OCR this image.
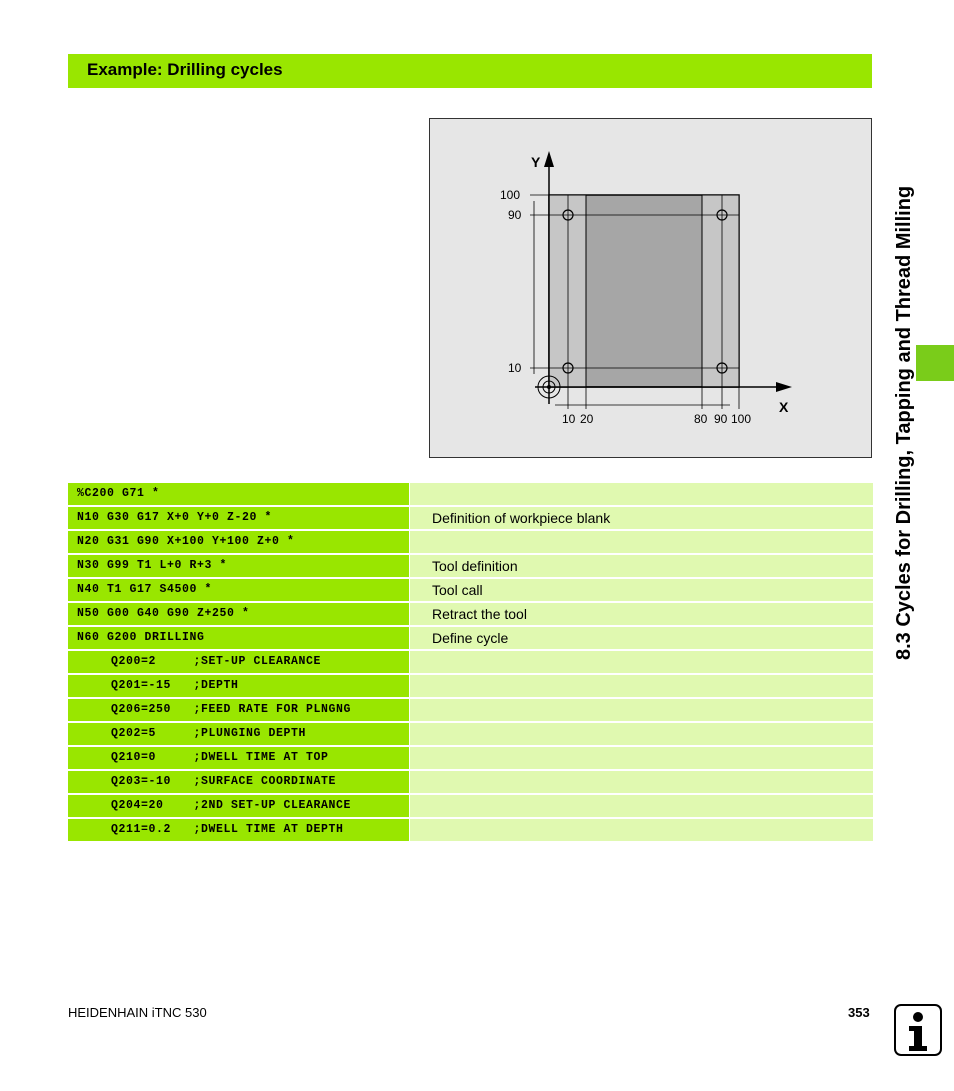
Example: Drilling cycles
Y
X
100
90
10
10 20	80 90 100
%C200 G71 *
N10 G30 G17 X+0 Y+0 Z-20 *	Definition of workpiece blank
N20 G31 G90 X+100 Y+100 Z+0 *
N30 G99 T1 L+0 R+3 *	Tool definition
N40 T1 G17 S4500 *	Tool call
N50 G00 G40 G90 Z+250 *	Retract the tool
N60 G200 DRILLING	Define cycle
Q200=2     ;SET-UP CLEARANCE
Q201=-15   ;DEPTH
Q206=250   ;FEED RATE FOR PLNGNG
Q202=5     ;PLUNGING DEPTH
Q210=0     ;DWELL TIME AT TOP
Q203=-10   ;SURFACE COORDINATE
Q204=20    ;2ND SET-UP CLEARANCE
Q211=0.2   ;DWELL TIME AT DEPTH
8.3 Cycles for Drilling, Tapping and Thread Milling
HEIDENHAIN iTNC 530	353
